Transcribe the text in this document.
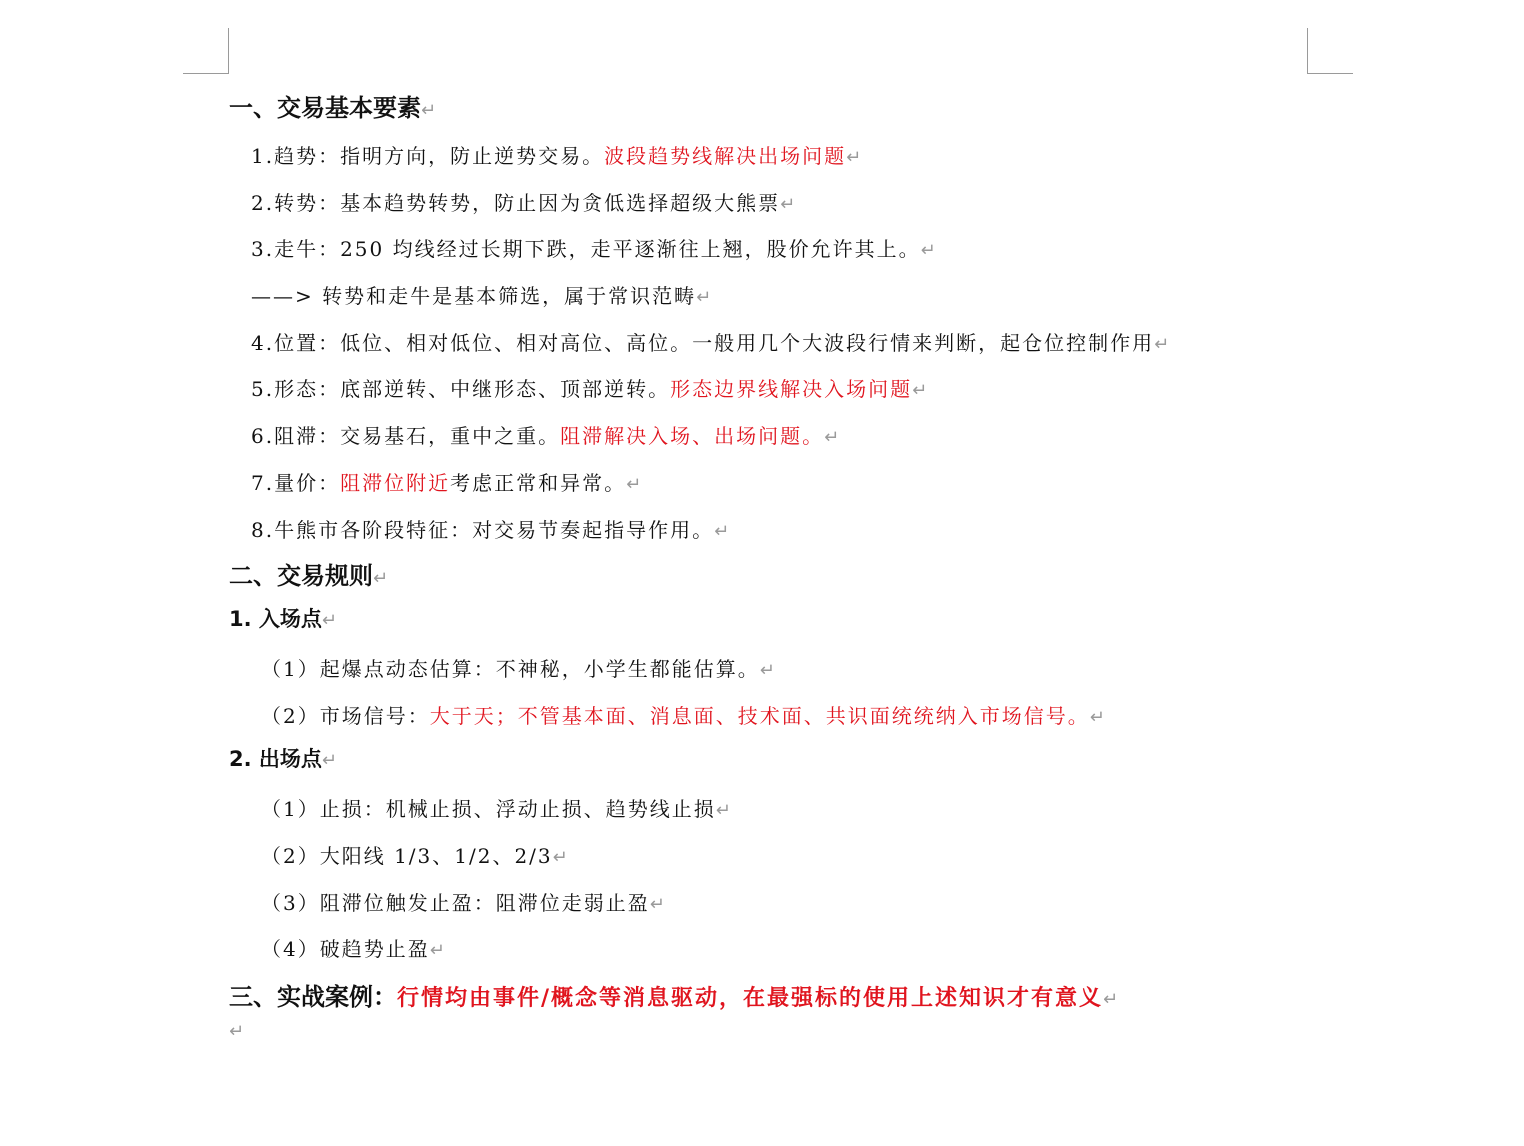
一、交易基本要素↵
1.趋势：指明方向，防止逆势交易。波段趋势线解决出场问题↵
2.转势：基本趋势转势，防止因为贪低选择超级大熊票↵
3.走牛：250 均线经过长期下跌，走平逐渐往上翘，股价允许其上。↵
——> 转势和走牛是基本筛选，属于常识范畴↵
4.位置：低位、相对低位、相对高位、高位。一般用几个大波段行情来判断，起仓位控制作用↵
5.形态：底部逆转、中继形态、顶部逆转。形态边界线解决入场问题↵
6.阻滞：交易基石，重中之重。阻滞解决入场、出场问题。↵
7.量价：阻滞位附近考虑正常和异常。↵
8.牛熊市各阶段特征：对交易节奏起指导作用。↵
二、交易规则↵
1. 入场点↵
（1）起爆点动态估算：不神秘，小学生都能估算。↵
（2）市场信号：大于天；不管基本面、消息面、技术面、共识面统统纳入市场信号。↵
2. 出场点↵
（1）止损：机械止损、浮动止损、趋势线止损↵
（2）大阳线 1/3、1/2、2/3↵
（3）阻滞位触发止盈：阻滞位走弱止盈↵
（4）破趋势止盈↵
三、实战案例：行情均由事件/概念等消息驱动，在最强标的使用上述知识才有意义↵
↵
